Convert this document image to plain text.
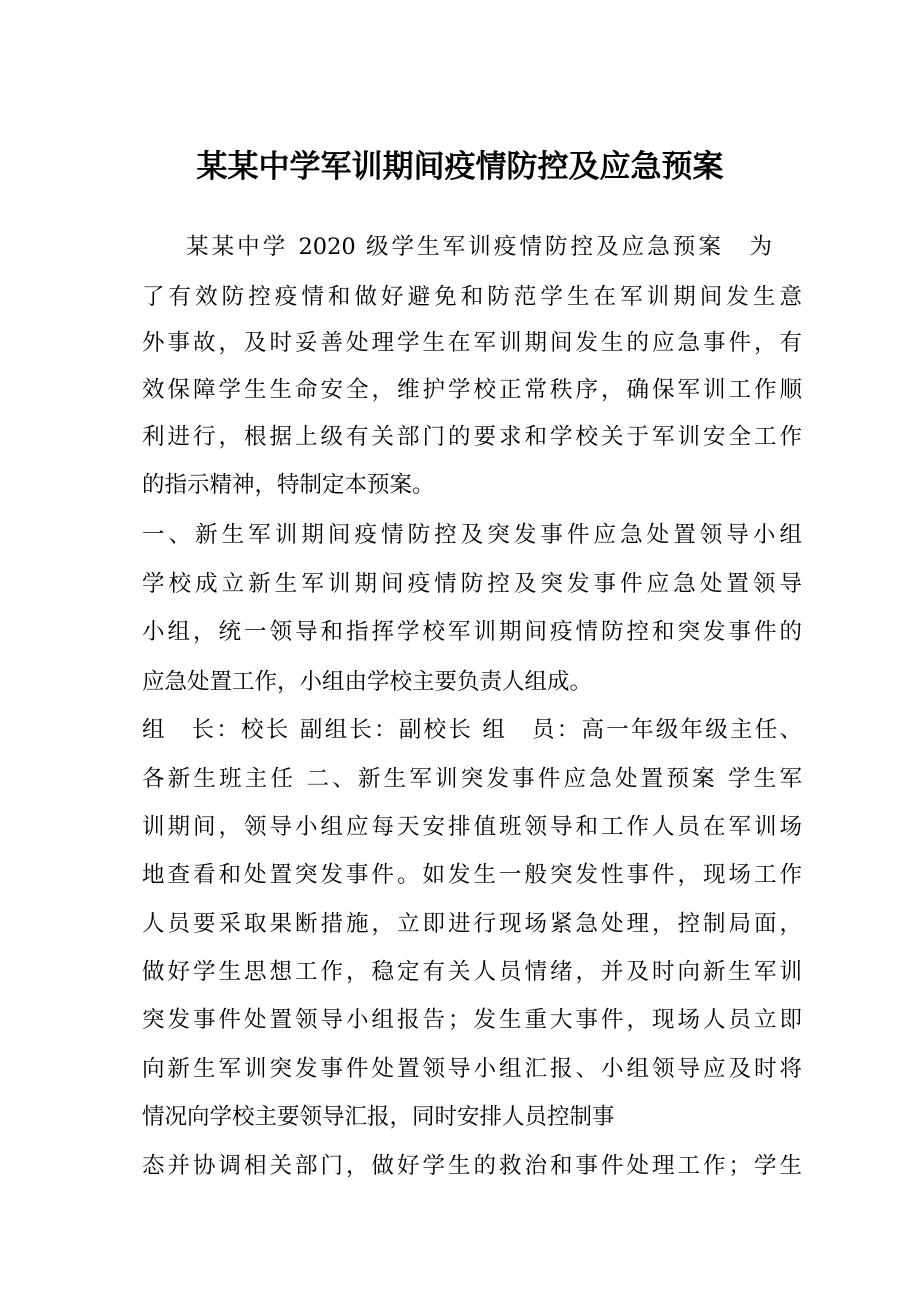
某某中学军训期间疫情防控及应急预案

某某中学 2020 级学生军训疫情防控及应急预案　为

了有效防控疫情和做好避免和防范学生在军训期间发生意

外事故，及时妥善处理学生在军训期间发生的应急事件，有

效保障学生生命安全，维护学校正常秩序，确保军训工作顺

利进行，根据上级有关部门的要求和学校关于军训安全工作

的指示精神，特制定本预案。

一、新生军训期间疫情防控及突发事件应急处置领导小组

学校成立新生军训期间疫情防控及突发事件应急处置领导

小组，统一领导和指挥学校军训期间疫情防控和突发事件的

应急处置工作，小组由学校主要负责人组成。

组　长：校长 副组长：副校长 组　员：高一年级年级主任、

各新生班主任 二、新生军训突发事件应急处置预案 学生军

训期间，领导小组应每天安排值班领导和工作人员在军训场

地查看和处置突发事件。如发生一般突发性事件，现场工作

人员要采取果断措施，立即进行现场紧急处理，控制局面，

做好学生思想工作，稳定有关人员情绪，并及时向新生军训

突发事件处置领导小组报告；发生重大事件，现场人员立即

向新生军训突发事件处置领导小组汇报、小组领导应及时将

情况向学校主要领导汇报，同时安排人员控制事

态并协调相关部门，做好学生的救治和事件处理工作；学生
